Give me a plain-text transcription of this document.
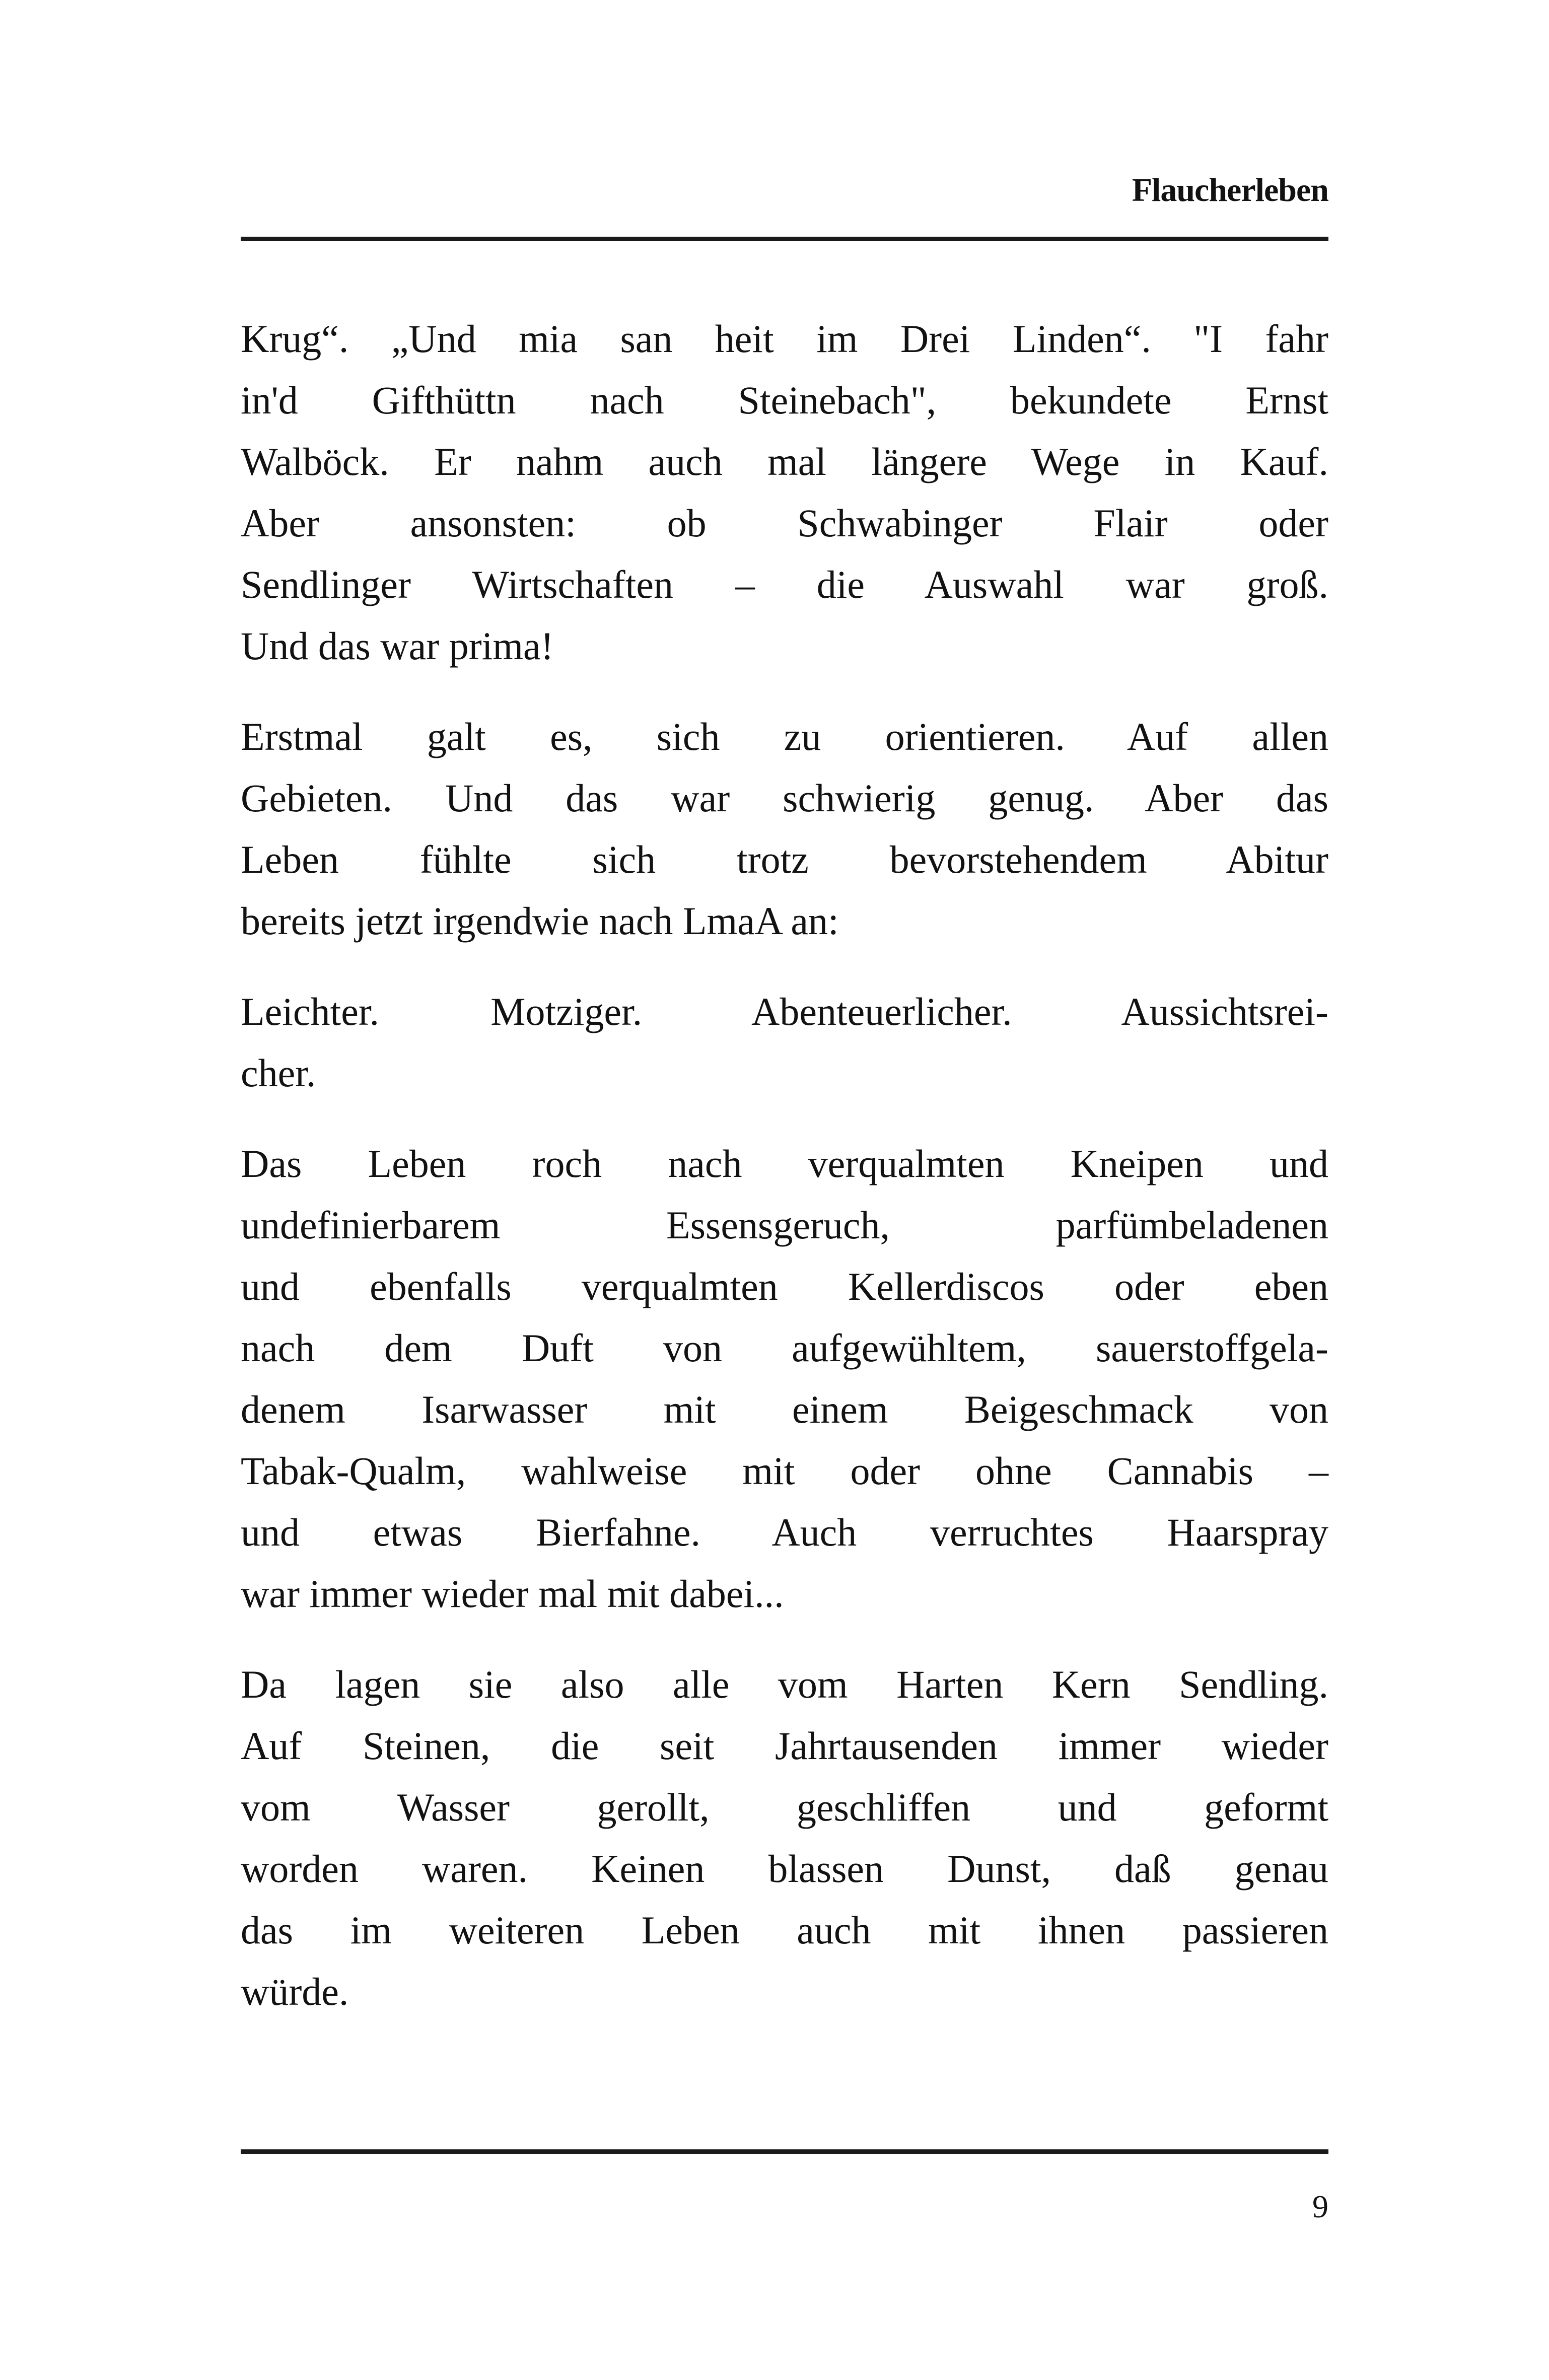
Flaucherleben

Krug“. „Und mia san heit im Drei Linden“. "I fahr
in'd Gifthüttn nach Steinebach", bekundete Ernst
Walböck. Er nahm auch mal längere Wege in Kauf.
Aber ansonsten: ob Schwabinger Flair oder
Sendlinger Wirtschaften – die Auswahl war groß.
Und das war prima!

Erstmal galt es, sich zu orientieren. Auf allen
Gebieten. Und das war schwierig genug. Aber das
Leben fühlte sich trotz bevorstehendem Abitur
bereits jetzt irgendwie nach LmaA an:

Leichter. Motziger. Abenteuerlicher. Aussichtsrei-
cher.

Das Leben roch nach verqualmten Kneipen und
undefinierbarem Essensgeruch, parfümbeladenen
und ebenfalls verqualmten Kellerdiscos oder eben
nach dem Duft von aufgewühltem, sauerstoffgela-
denem Isarwasser mit einem Beigeschmack von
Tabak-Qualm, wahlweise mit oder ohne Cannabis –
und etwas Bierfahne. Auch verruchtes Haarspray
war immer wieder mal mit dabei...

Da lagen sie also alle vom Harten Kern Sendling.
Auf Steinen, die seit Jahrtausenden immer wieder
vom Wasser gerollt, geschliffen und geformt
worden waren. Keinen blassen Dunst, daß genau
das im weiteren Leben auch mit ihnen passieren
würde.

9
